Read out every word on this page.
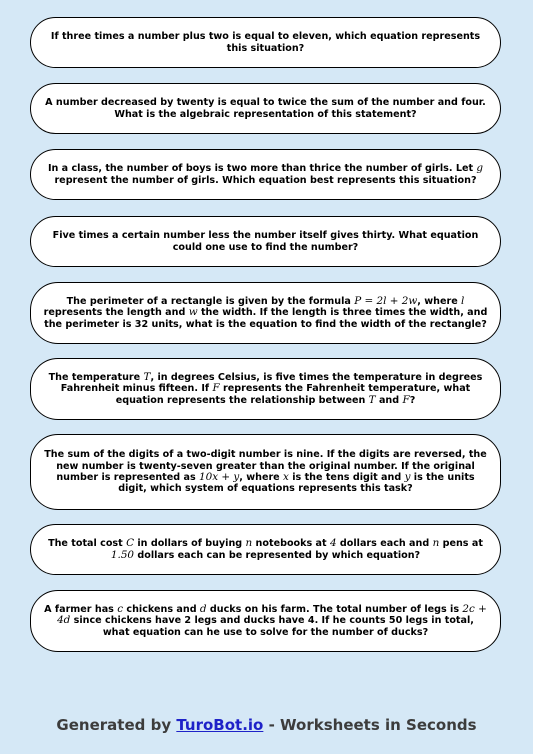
If three times a number plus two is equal to eleven, which equation represents this situation?

A number decreased by twenty is equal to twice the sum of the number and four. What is the algebraic representation of this statement?

In a class, the number of boys is two more than thrice the number of girls. Let g represent the number of girls. Which equation best represents this situation?

Five times a certain number less the number itself gives thirty. What equation could one use to find the number?

The perimeter of a rectangle is given by the formula P = 2l + 2w, where l represents the length and w the width. If the length is three times the width, and the perimeter is 32 units, what is the equation to find the width of the rectangle?

The temperature T, in degrees Celsius, is five times the temperature in degrees Fahrenheit minus fifteen. If F represents the Fahrenheit temperature, what equation represents the relationship between T and F?

The sum of the digits of a two-digit number is nine. If the digits are reversed, the new number is twenty-seven greater than the original number. If the original number is represented as 10x + y, where x is the tens digit and y is the units digit, which system of equations represents this task?

The total cost C in dollars of buying n notebooks at 4 dollars each and n pens at 1.50 dollars each can be represented by which equation?

A farmer has c chickens and d ducks on his farm. The total number of legs is 2c + 4d since chickens have 2 legs and ducks have 4. If he counts 50 legs in total, what equation can he use to solve for the number of ducks?

Generated by TuroBot.io - Worksheets in Seconds
